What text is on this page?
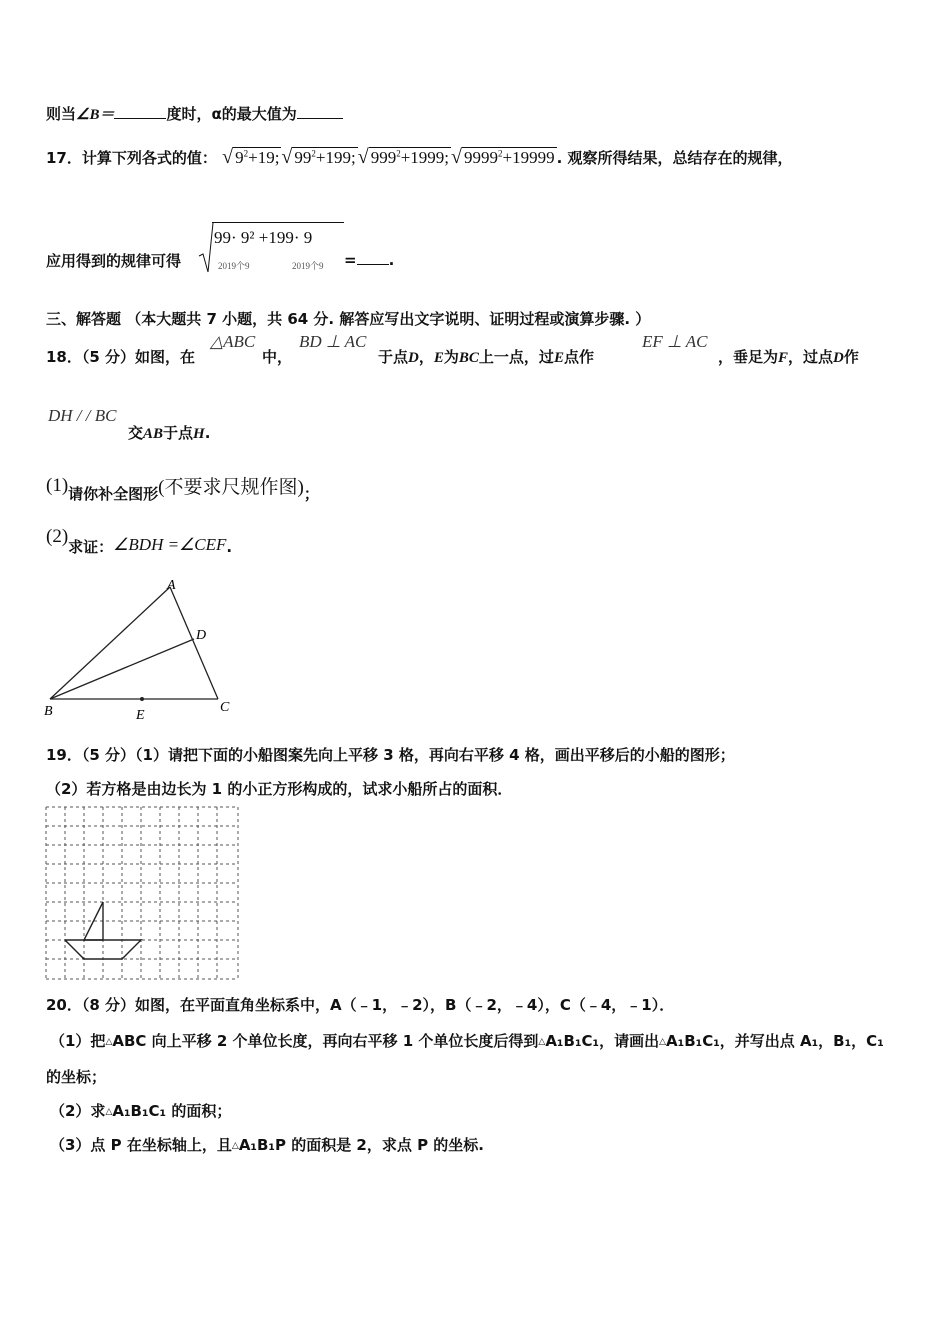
则当∠B＝	度时，α的最大值为
17．计算下列各式的值： √ $9^2+19$; √ $99^2+199$; √ $999^2+1999$; √ $9999^2+19999$ . 观察所得结果，总结存在的规律，
应用得到的规律可得
99· 9² +199· 9
2019个9	2019个9 = .
三、解答题 （本大题共 7 小题，共 64 分. 解答应写出文字说明、证明过程或演算步骤. ）
△ABC	BD ⊥ AC	EF ⊥ AC
18．（5 分）如图，在	中，	于点D，E为BC上一点，过E点作	，垂足为F，过点D作
DH / / BC
交AB于点H.
(1)请你补全图形(不要求尺规作图)；
(2)求证：∠BDH =∠CEF.
A
B	C
D
E
19．（5 分）（1）请把下面的小船图案先向上平移 3 格，再向右平移 4 格，画出平移后的小船的图形；
（2）若方格是由边长为 1 的小正方形构成的，试求小船所占的面积．
20．（8 分）如图，在平面直角坐标系中，A（﹣1，﹣2），B（﹣2，﹣4），C（﹣4，﹣1）．
（1）把△ABC 向上平移 2 个单位长度，再向右平移 1 个单位长度后得到△A₁B₁C₁，请画出△A₁B₁C₁，并写出点 A₁，B₁，C₁
的坐标；
（2）求△A₁B₁C₁ 的面积；
（3）点 P 在坐标轴上，且△A₁B₁P 的面积是 2，求点 P 的坐标.
